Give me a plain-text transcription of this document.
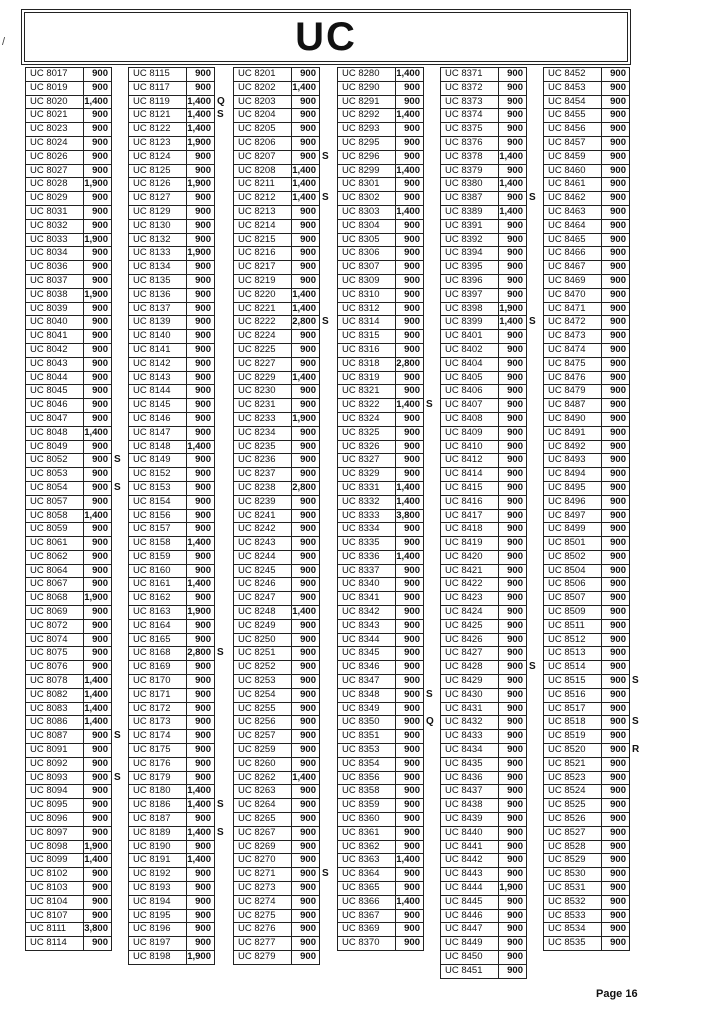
/	UC
UC 8017	900
UC 8019	900
UC 8020	1,400
UC 8021	900
UC 8023	900
UC 8024	900
UC 8026	900
UC 8027	900
UC 8028	1,900
UC 8029	900
UC 8031	900
UC 8032	900
UC 8033	1,900
UC 8034	900
UC 8036	900
UC 8037	900
UC 8038	1,900
UC 8039	900
UC 8040	900
UC 8041	900
UC 8042	900
UC 8043	900
UC 8044	900
UC 8045	900
UC 8046	900
UC 8047	900
UC 8048	1,400
UC 8049	900
UC 8052	900 S
UC 8053	900
UC 8054	900 S
UC 8057	900
UC 8058	1,400
UC 8059	900
UC 8061	900
UC 8062	900
UC 8064	900
UC 8067	900
UC 8068	1,900
UC 8069	900
UC 8072	900
UC 8074	900
UC 8075	900
UC 8076	900
UC 8078	1,400
UC 8082	1,400
UC 8083	1,400
UC 8086	1,400
UC 8087	900 S
UC 8091	900
UC 8092	900
UC 8093	900 S
UC 8094	900
UC 8095	900
UC 8096	900
UC 8097	900
UC 8098	1,900
UC 8099	1,400
UC 8102	900
UC 8103	900
UC 8104	900
UC 8107	900
UC 8111	3,800
UC 8114	900
UC 8115	900
UC 8117	900
UC 8119	1,400 Q
UC 8121	1,400 S
UC 8122	1,400
UC 8123	1,900
UC 8124	900
UC 8125	900
UC 8126	1,900
UC 8127	900
UC 8129	900
UC 8130	900
UC 8132	900
UC 8133	1,900
UC 8134	900
UC 8135	900
UC 8136	900
UC 8137	900
UC 8139	900
UC 8140	900
UC 8141	900
UC 8142	900
UC 8143	900
UC 8144	900
UC 8145	900
UC 8146	900
UC 8147	900
UC 8148	1,400
UC 8149	900
UC 8152	900
UC 8153	900
UC 8154	900
UC 8156	900
UC 8157	900
UC 8158	1,400
UC 8159	900
UC 8160	900
UC 8161	1,400
UC 8162	900
UC 8163	1,900
UC 8164	900
UC 8165	900
UC 8168	2,800 S
UC 8169	900
UC 8170	900
UC 8171	900
UC 8172	900
UC 8173	900
UC 8174	900
UC 8175	900
UC 8176	900
UC 8179	900
UC 8180	1,400
UC 8186	1,400 S
UC 8187	900
UC 8189	1,400 S
UC 8190	900
UC 8191	1,400
UC 8192	900
UC 8193	900
UC 8194	900
UC 8195	900
UC 8196	900
UC 8197	900
UC 8198	1,900
UC 8201	900
UC 8202	1,400
UC 8203	900
UC 8204	900
UC 8205	900
UC 8206	900
UC 8207	900 S
UC 8208	1,400
UC 8211	1,400
UC 8212	1,400 S
UC 8213	900
UC 8214	900
UC 8215	900
UC 8216	900
UC 8217	900
UC 8219	900
UC 8220	1,400
UC 8221	1,400
UC 8222	2,800 S
UC 8224	900
UC 8225	900
UC 8227	900
UC 8229	1,400
UC 8230	900
UC 8231	900
UC 8233	1,900
UC 8234	900
UC 8235	900
UC 8236	900
UC 8237	900
UC 8238	2,800
UC 8239	900
UC 8241	900
UC 8242	900
UC 8243	900
UC 8244	900
UC 8245	900
UC 8246	900
UC 8247	900
UC 8248	1,400
UC 8249	900
UC 8250	900
UC 8251	900
UC 8252	900
UC 8253	900
UC 8254	900
UC 8255	900
UC 8256	900
UC 8257	900
UC 8259	900
UC 8260	900
UC 8262	1,400
UC 8263	900
UC 8264	900
UC 8265	900
UC 8267	900
UC 8269	900
UC 8270	900
UC 8271	900 S
UC 8273	900
UC 8274	900
UC 8275	900
UC 8276	900
UC 8277	900
UC 8279	900
UC 8280	1,400
UC 8290	900
UC 8291	900
UC 8292	1,400
UC 8293	900
UC 8295	900
UC 8296	900
UC 8299	1,400
UC 8301	900
UC 8302	900
UC 8303	1,400
UC 8304	900
UC 8305	900
UC 8306	900
UC 8307	900
UC 8309	900
UC 8310	900
UC 8312	900
UC 8314	900
UC 8315	900
UC 8316	900
UC 8318	2,800
UC 8319	900
UC 8321	900
UC 8322	1,400 S
UC 8324	900
UC 8325	900
UC 8326	900
UC 8327	900
UC 8329	900
UC 8331	1,400
UC 8332	1,400
UC 8333	3,800
UC 8334	900
UC 8335	900
UC 8336	1,400
UC 8337	900
UC 8340	900
UC 8341	900
UC 8342	900
UC 8343	900
UC 8344	900
UC 8345	900
UC 8346	900
UC 8347	900
UC 8348	900 S
UC 8349	900
UC 8350	900 Q
UC 8351	900
UC 8353	900
UC 8354	900
UC 8356	900
UC 8358	900
UC 8359	900
UC 8360	900
UC 8361	900
UC 8362	900
UC 8363	1,400
UC 8364	900
UC 8365	900
UC 8366	1,400
UC 8367	900
UC 8369	900
UC 8370	900
UC 8371	900
UC 8372	900
UC 8373	900
UC 8374	900
UC 8375	900
UC 8376	900
UC 8378	1,400
UC 8379	900
UC 8380	1,400
UC 8387	900 S
UC 8389	1,400
UC 8391	900
UC 8392	900
UC 8394	900
UC 8395	900
UC 8396	900
UC 8397	900
UC 8398	1,900
UC 8399	1,400 S
UC 8401	900
UC 8402	900
UC 8404	900
UC 8405	900
UC 8406	900
UC 8407	900
UC 8408	900
UC 8409	900
UC 8410	900
UC 8412	900
UC 8414	900
UC 8415	900
UC 8416	900
UC 8417	900
UC 8418	900
UC 8419	900
UC 8420	900
UC 8421	900
UC 8422	900
UC 8423	900
UC 8424	900
UC 8425	900
UC 8426	900
UC 8427	900
UC 8428	900 S
UC 8429	900
UC 8430	900
UC 8431	900
UC 8432	900
UC 8433	900
UC 8434	900
UC 8435	900
UC 8436	900
UC 8437	900
UC 8438	900
UC 8439	900
UC 8440	900
UC 8441	900
UC 8442	900
UC 8443	900
UC 8444	1,900
UC 8445	900
UC 8446	900
UC 8447	900
UC 8449	900
UC 8450	900
UC 8451	900
UC 8452	900
UC 8453	900
UC 8454	900
UC 8455	900
UC 8456	900
UC 8457	900
UC 8459	900
UC 8460	900
UC 8461	900
UC 8462	900
UC 8463	900
UC 8464	900
UC 8465	900
UC 8466	900
UC 8467	900
UC 8469	900
UC 8470	900
UC 8471	900
UC 8472	900
UC 8473	900
UC 8474	900
UC 8475	900
UC 8476	900
UC 8479	900
UC 8487	900
UC 8490	900
UC 8491	900
UC 8492	900
UC 8493	900
UC 8494	900
UC 8495	900
UC 8496	900
UC 8497	900
UC 8499	900
UC 8501	900
UC 8502	900
UC 8504	900
UC 8506	900
UC 8507	900
UC 8509	900
UC 8511	900
UC 8512	900
UC 8513	900
UC 8514	900
UC 8515	900 S
UC 8516	900
UC 8517	900
UC 8518	900 S
UC 8519	900
UC 8520	900 R
UC 8521	900
UC 8523	900
UC 8524	900
UC 8525	900
UC 8526	900
UC 8527	900
UC 8528	900
UC 8529	900
UC 8530	900
UC 8531	900
UC 8532	900
UC 8533	900
UC 8534	900
UC 8535	900
Page 16
